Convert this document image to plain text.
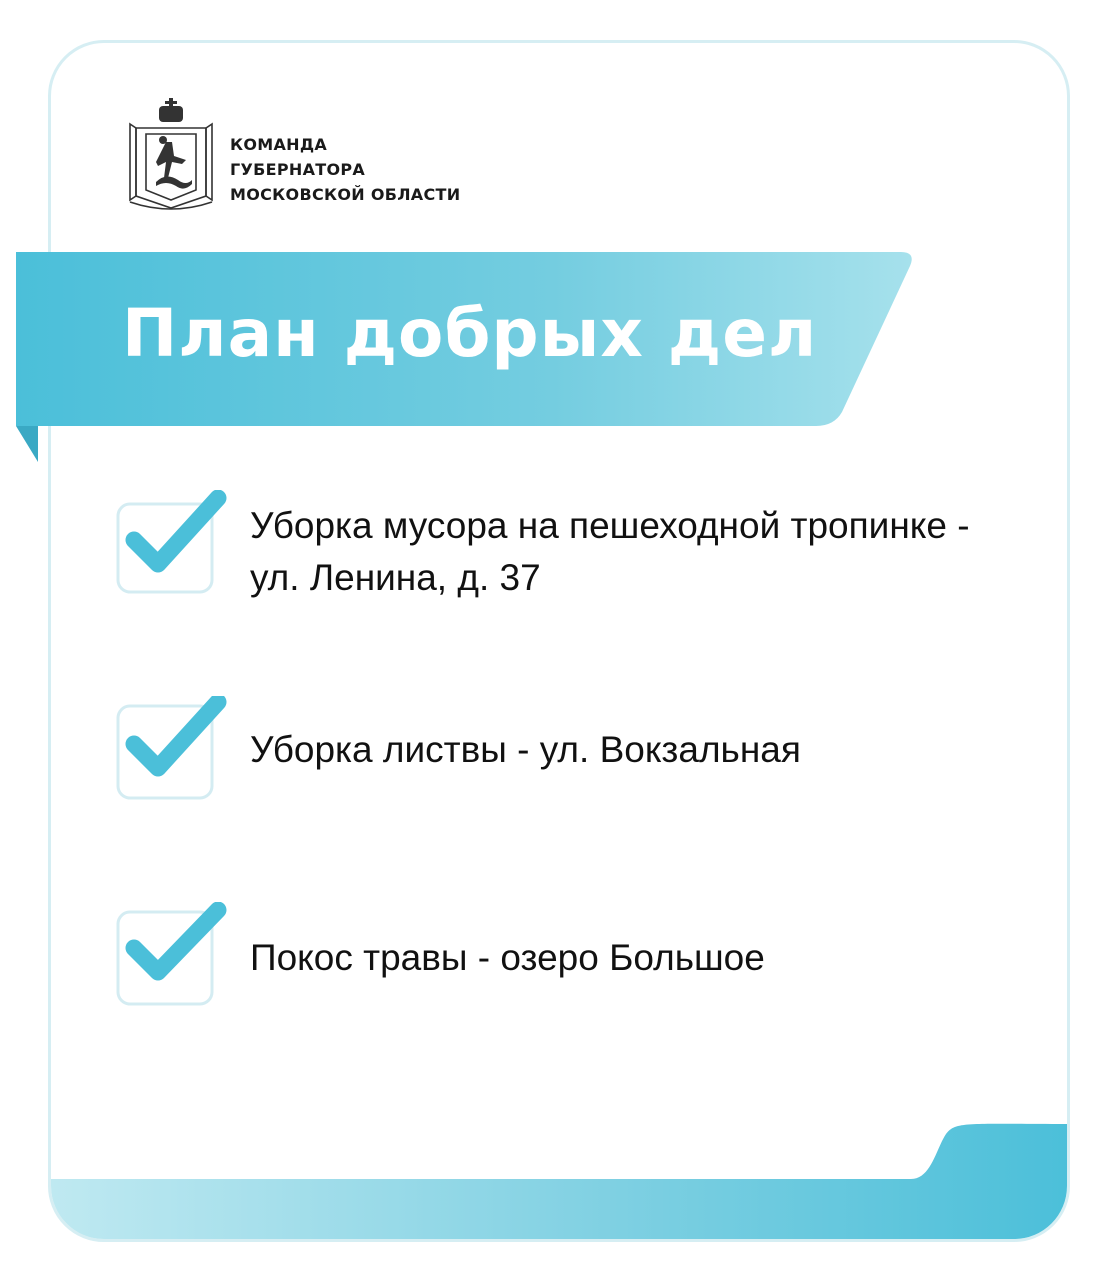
КОМАНДА
ГУБЕРНАТОРА
МОСКОВСКОЙ ОБЛАСТИ
План добрых дел
Уборка мусора на пешеходной тропинке -
ул. Ленина, д. 37
Уборка листвы - ул. Вокзальная
Покос травы - озеро Большое
